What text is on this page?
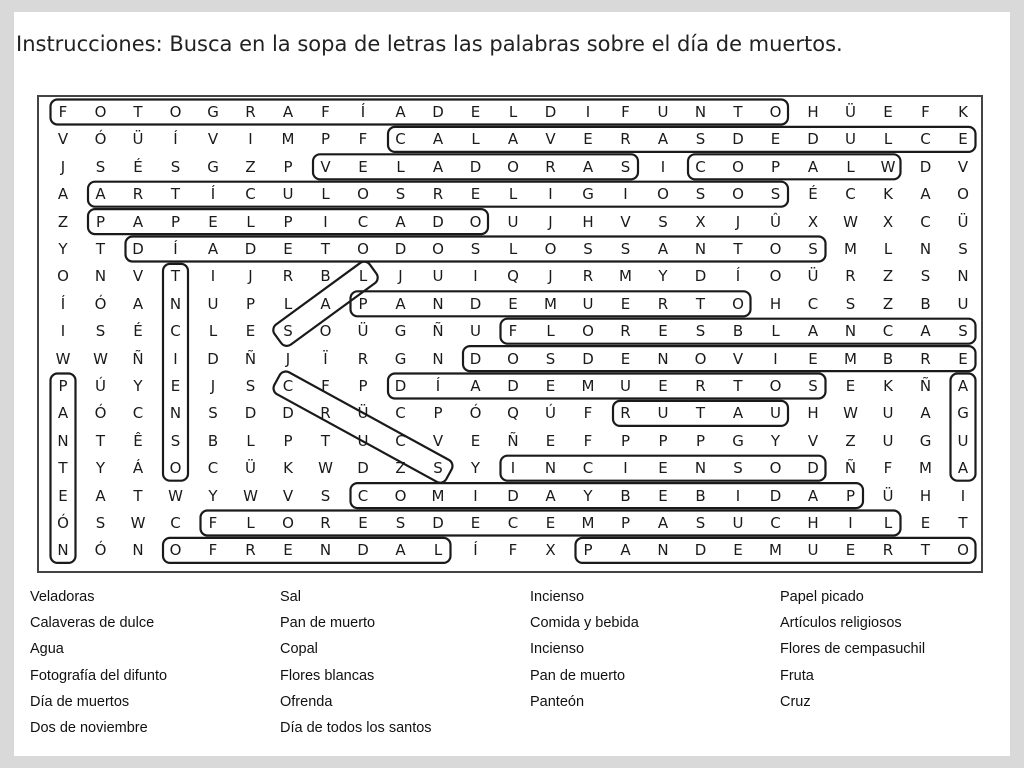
Instrucciones: Busca en la sopa de letras las palabras sobre el día de muertos.
F	O	T	O	G	R	A	F	Í	A	D	E	L	D	I	F	U	N	T	O	H	Ü	E	F	K
V	Ó	Ü	Í	V	I	M	P	F	C	A	L	A	V	E	R	A	S	D	E	D	U	L	C	E
J	S	É	S	G	Z	P	V	E	L	A	D	O	R	A	S	I	C	O	P	A	L	W	D	V
A	A	R	T	Í	C	U	L	O	S	R	E	L	I	G	I	O	S	O	S	É	C	K	A	O
Z	P	A	P	E	L	P	I	C	A	D	O	U	J	H	V	S	X	J	Û	X	W	X	C	Ü
Y	T	D	Í	A	D	E	T	O	D	O	S	L	O	S	S	A	N	T	O	S	M	L	N	S
O	N	V	T	I	J	R	B	L	J	U	I	Q	J	R	M	Y	D	Í	O	Ü	R	Z	S	N
Í	Ó	A	N	U	P	L	A	P	A	N	D	E	M	U	E	R	T	O	H	C	S	Z	B	U
I	S	É	C	L	E	S	O	Ü	G	Ñ	U	F	L	O	R	E	S	B	L	A	N	C	A	S
W	W	Ñ	I	D	Ñ	J	Ï	R	G	N	D	O	S	D	E	N	O	V	I	E	M	B	R	E
P	Ú	Y	E	J	S	C	F	P	D	Í	A	D	E	M	U	E	R	T	O	S	E	K	Ñ	A
A	Ó	C	N	S	D	D	R	Ü	C	P	Ó	Q	Ú	F	R	U	T	A	U	H	W	U	A	G
N	T	Ê	S	B	L	P	T	U	C	V	E	Ñ	E	F	P	P	P	G	Y	V	Z	U	G	U
T	Y	Á	O	C	Ü	K	W	D	Z	S	Y	I	N	C	I	E	N	S	O	D	Ñ	F	M	A
E	A	T	W	Y	W	V	S	C	O	M	I	D	A	Y	B	E	B	I	D	A	P	Ü	H	I
Ó	S	W	C	F	L	O	R	E	S	D	E	C	E	M	P	A	S	U	C	H	I	L	E	T
N	Ó	N	O	F	R	E	N	D	A	L	Í	F	X	P	A	N	D	E	M	U	E	R	T	O
Veladoras
Calaveras de dulce
Agua
Fotografía del difunto
Día de muertos
Dos de noviembre
Sal
Pan de muerto
Copal
Flores blancas
Ofrenda
Día de todos los santos
Incienso
Comida y bebida
Incienso
Pan de muerto
Panteón
Papel picado
Artículos religiosos
Flores de cempasuchil
Fruta
Cruz
